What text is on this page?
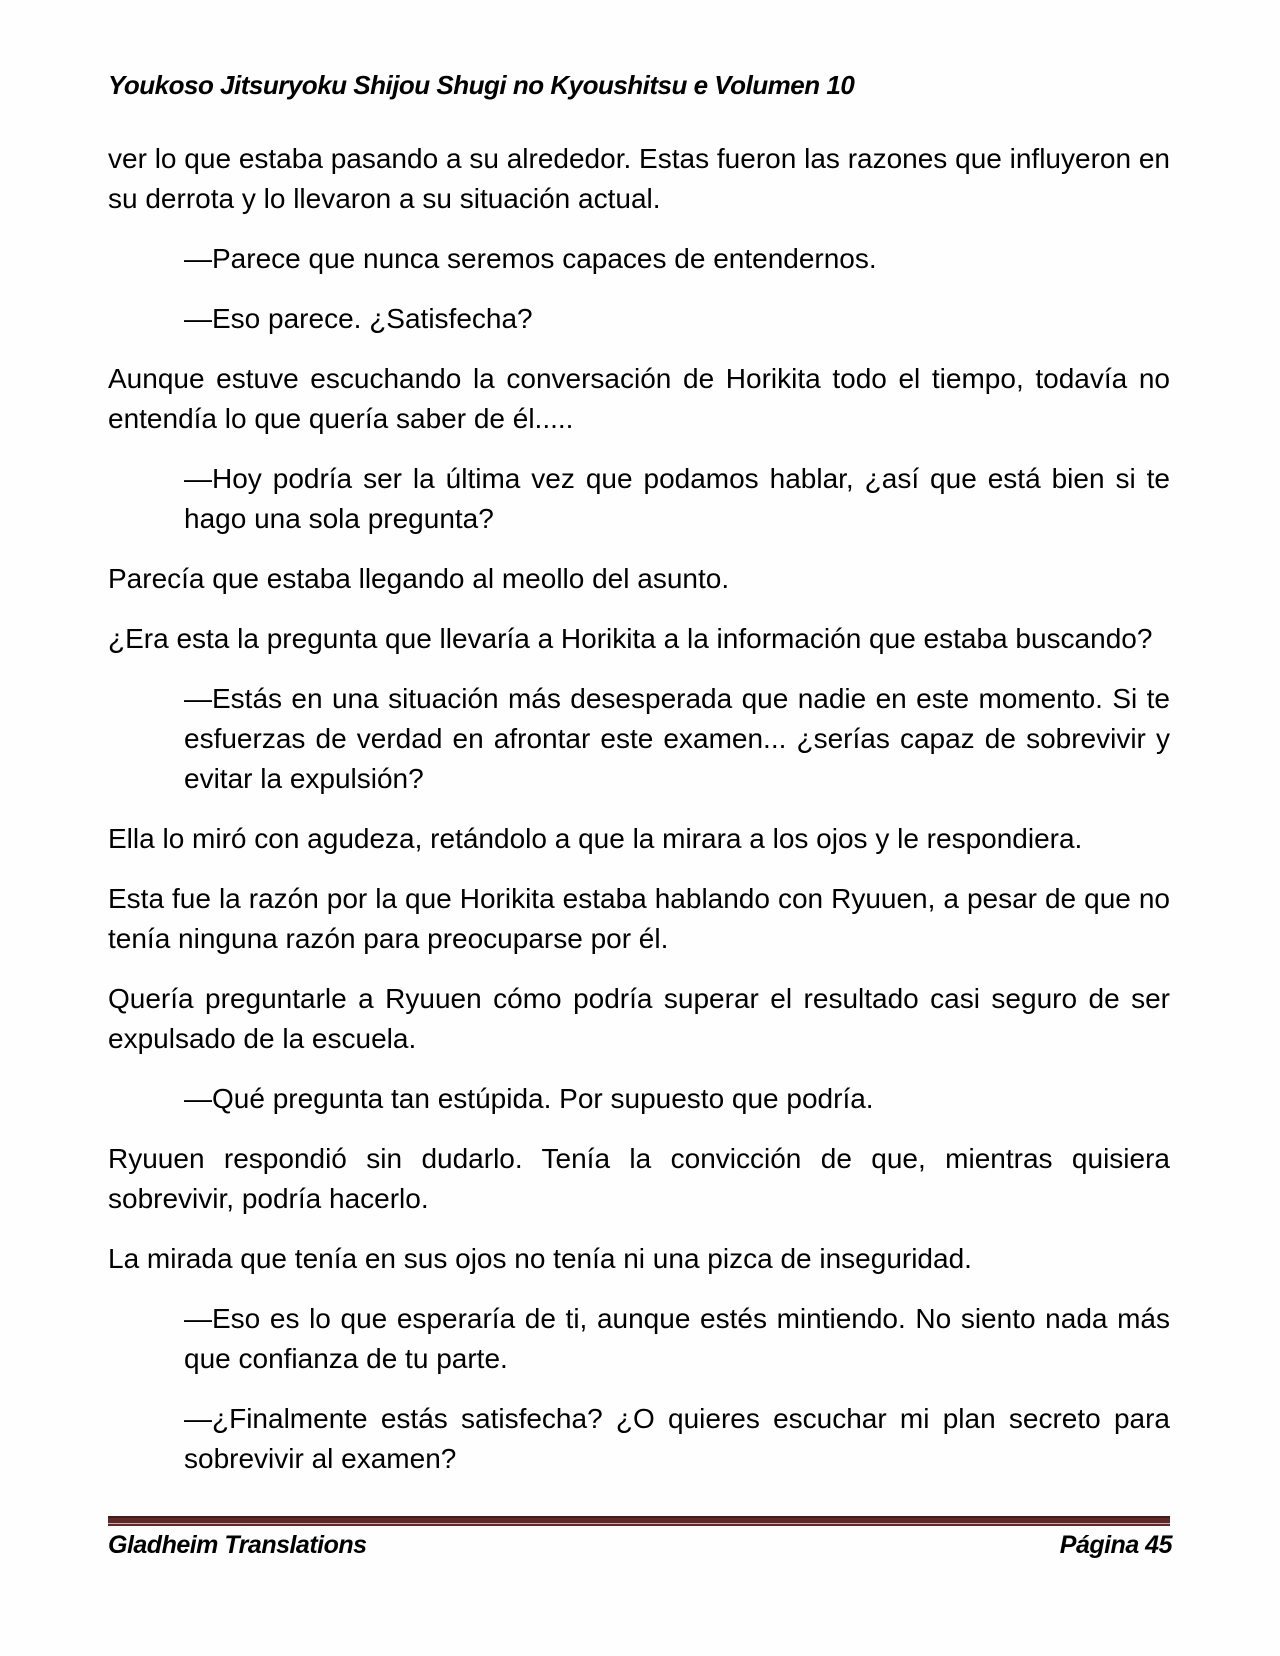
Youkoso Jitsuryoku Shijou Shugi no Kyoushitsu e Volumen 10

ver lo que estaba pasando a su alrededor. Estas fueron las razones que influyeron en su derrota y lo llevaron a su situación actual.

—Parece que nunca seremos capaces de entendernos.

—Eso parece. ¿Satisfecha?

Aunque estuve escuchando la conversación de Horikita todo el tiempo, todavía no entendía lo que quería saber de él.....

—Hoy podría ser la última vez que podamos hablar, ¿así que está bien si te hago una sola pregunta?

Parecía que estaba llegando al meollo del asunto.

¿Era esta la pregunta que llevaría a Horikita a la información que estaba buscando?

—Estás en una situación más desesperada que nadie en este momento. Si te esfuerzas de verdad en afrontar este examen... ¿serías capaz de sobrevivir y evitar la expulsión?

Ella lo miró con agudeza, retándolo a que la mirara a los ojos y le respondiera.

Esta fue la razón por la que Horikita estaba hablando con Ryuuen, a pesar de que no tenía ninguna razón para preocuparse por él.

Quería preguntarle a Ryuuen cómo podría superar el resultado casi seguro de ser expulsado de la escuela.

—Qué pregunta tan estúpida. Por supuesto que podría.

Ryuuen respondió sin dudarlo. Tenía la convicción de que, mientras quisiera sobrevivir, podría hacerlo.

La mirada que tenía en sus ojos no tenía ni una pizca de inseguridad.

—Eso es lo que esperaría de ti, aunque estés mintiendo. No siento nada más que confianza de tu parte.

—¿Finalmente estás satisfecha? ¿O quieres escuchar mi plan secreto para sobrevivir al examen?

Gladheim Translations	Página 45
